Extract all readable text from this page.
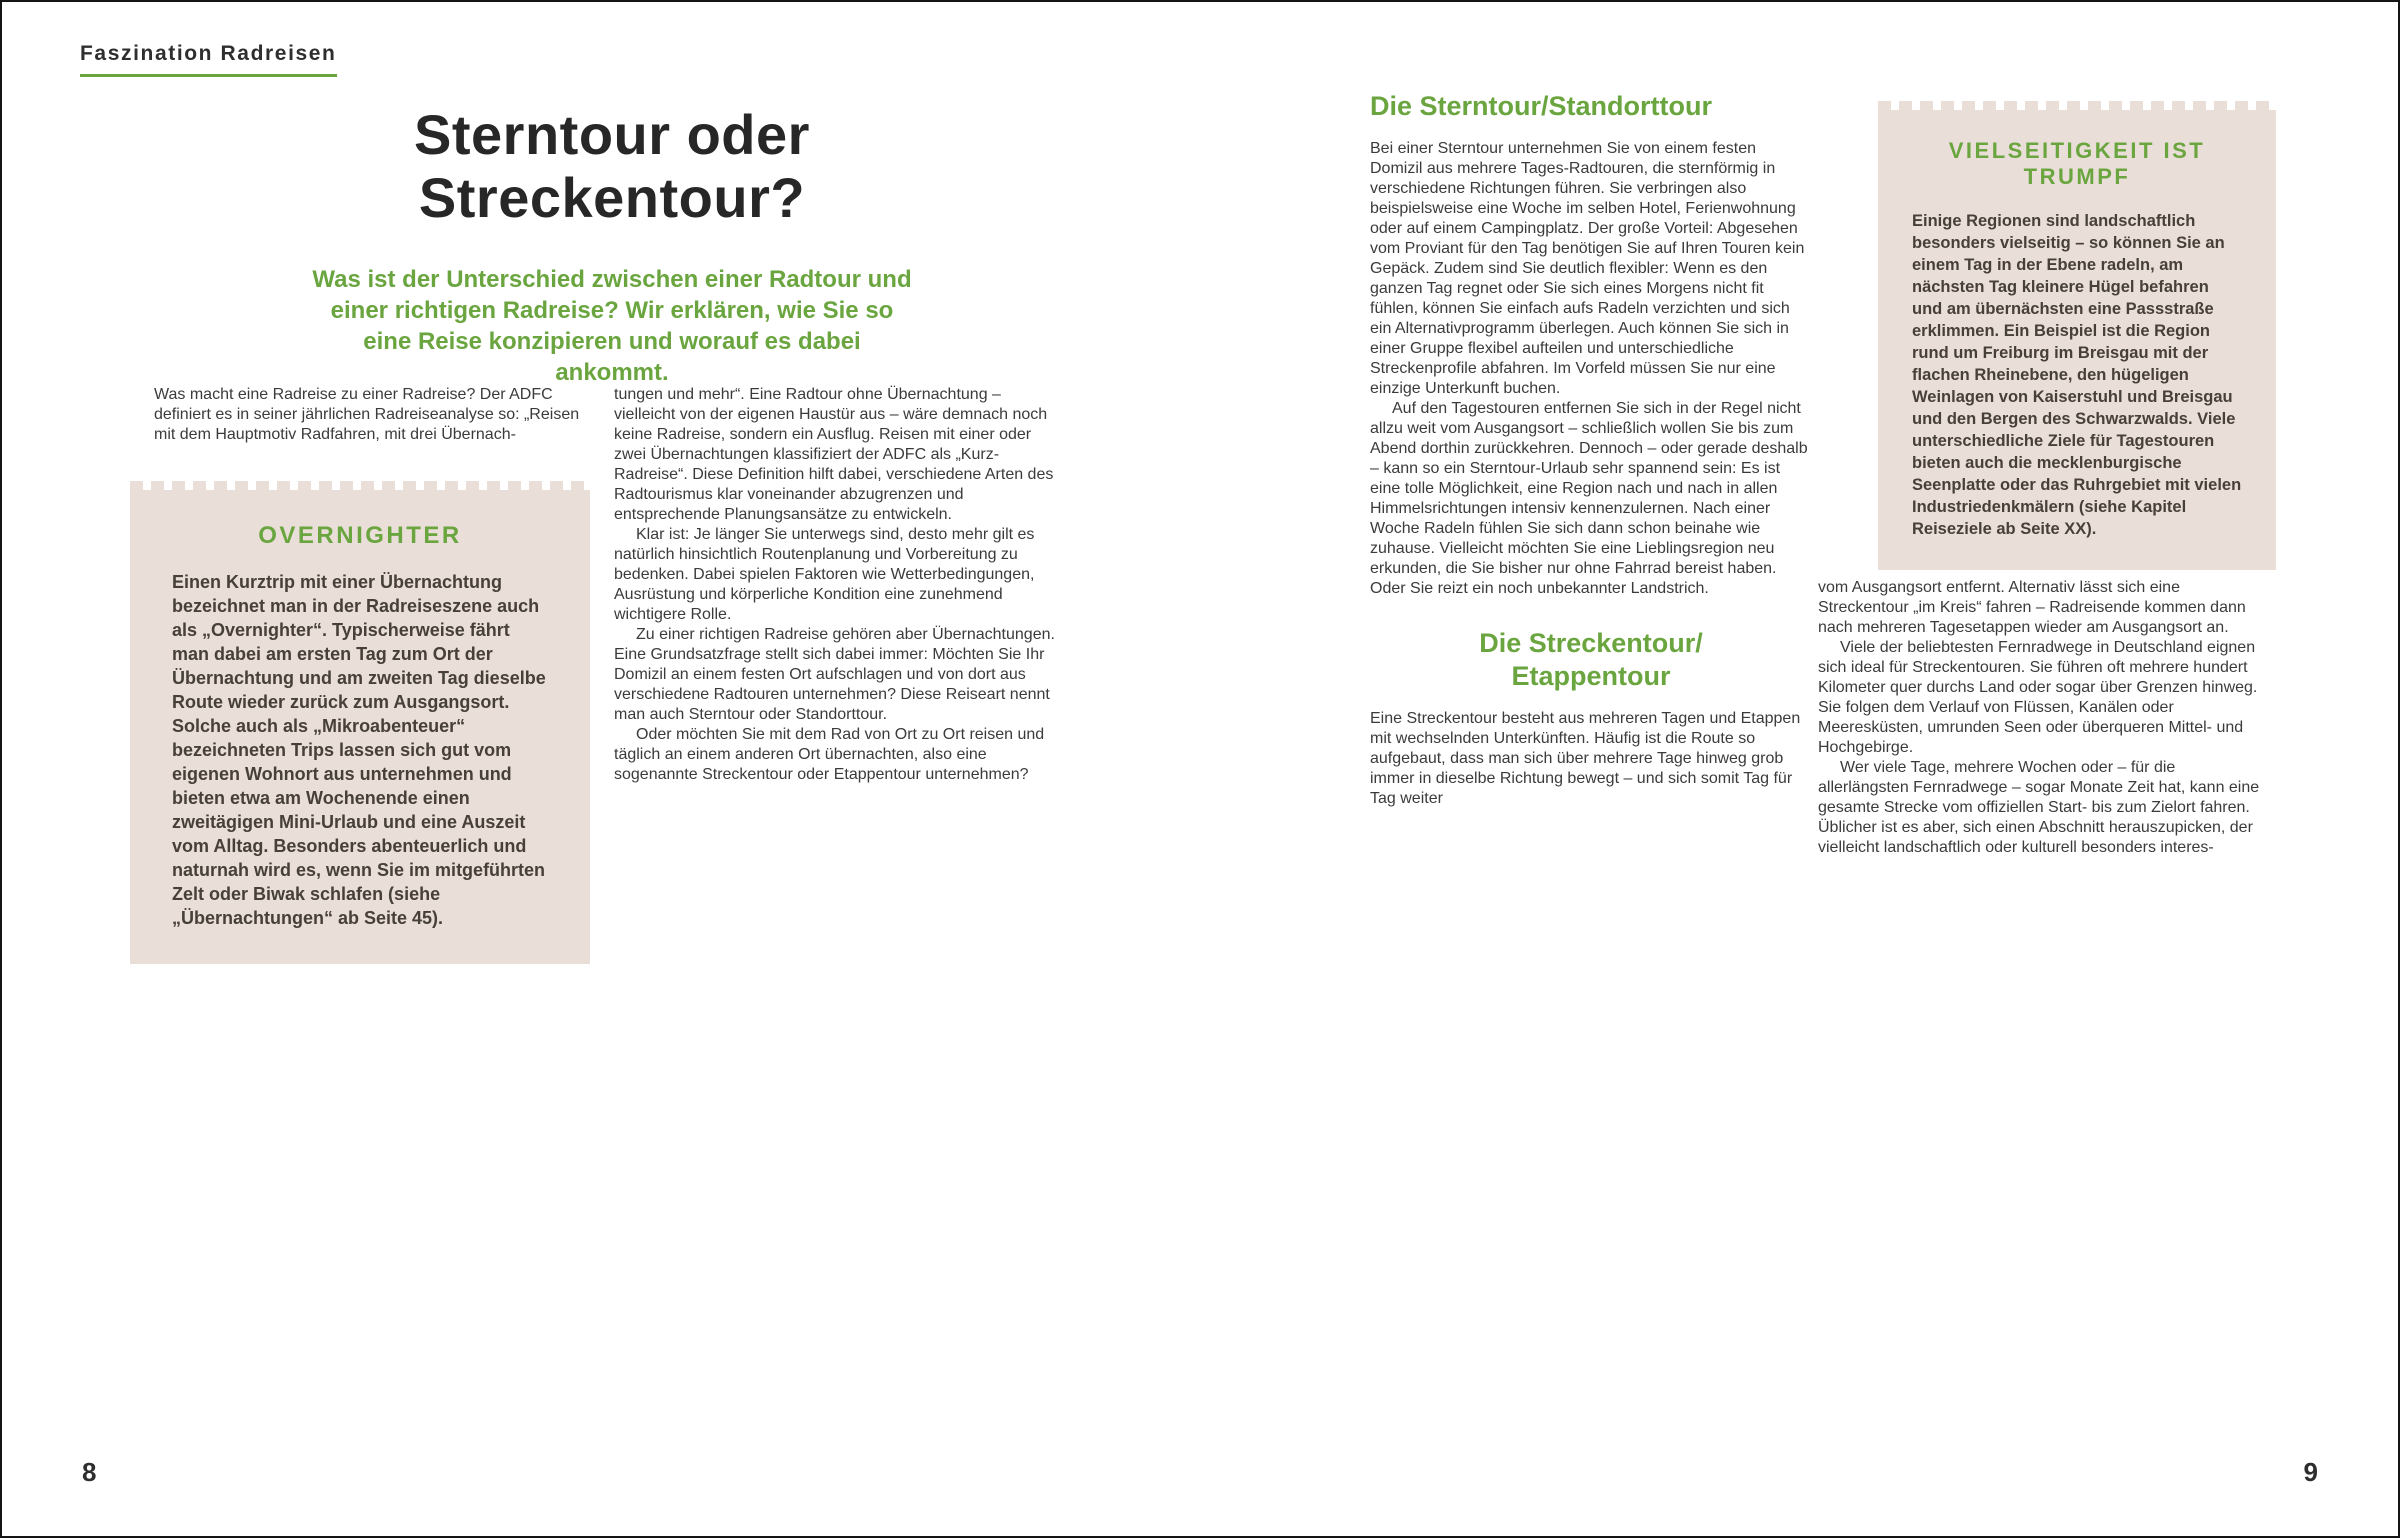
Faszination Radreisen
Sterntour oder
Streckentour?

Was ist der Unterschied zwischen einer Radtour und einer richtigen Radreise? Wir erklären, wie Sie so eine Reise konzipieren und worauf es dabei ankommt.

Was macht eine Radreise zu einer Radreise? Der ADFC definiert es in seiner jährlichen Radreiseanalyse so: „Reisen mit dem Hauptmotiv Radfahren, mit drei Übernach-

OVERNIGHTER

Einen Kurztrip mit einer Übernachtung bezeichnet man in der Radreiseszene auch als „Overnighter“. Typischerweise fährt man dabei am ersten Tag zum Ort der Übernachtung und am zweiten Tag dieselbe Route wieder zurück zum Ausgangsort. Solche auch als „Mikroabenteuer“ bezeichneten Trips lassen sich gut vom eigenen Wohnort aus unternehmen und bieten etwa am Wochenende einen zweitägigen Mini-Urlaub und eine Auszeit vom Alltag. Besonders abenteuerlich und naturnah wird es, wenn Sie im mitgeführten Zelt oder Biwak schlafen (siehe „Übernachtungen“ ab Seite 45).

tungen und mehr“. Eine Radtour ohne Übernachtung – vielleicht von der eigenen Haustür aus – wäre demnach noch keine Radreise, sondern ein Ausflug. Reisen mit einer oder zwei Übernachtungen klassifiziert der ADFC als „Kurz-Radreise“. Diese Definition hilft dabei, verschiedene Arten des Radtourismus klar voneinander abzugrenzen und entsprechende Planungsansätze zu entwickeln.

Klar ist: Je länger Sie unterwegs sind, desto mehr gilt es natürlich hinsichtlich Routenplanung und Vorbereitung zu bedenken. Dabei spielen Faktoren wie Wetterbedingungen, Ausrüstung und körperliche Kondition eine zunehmend wichtigere Rolle.

Zu einer richtigen Radreise gehören aber Übernachtungen. Eine Grundsatzfrage stellt sich dabei immer: Möchten Sie Ihr Domizil an einem festen Ort aufschlagen und von dort aus verschiedene Radtouren unternehmen? Diese Reiseart nennt man auch Sterntour oder Standorttour.

Oder möchten Sie mit dem Rad von Ort zu Ort reisen und täglich an einem anderen Ort übernachten, also eine sogenannte Streckentour oder Etappentour unternehmen?

Die Sterntour/Standorttour

Bei einer Sterntour unternehmen Sie von einem festen Domizil aus mehrere Tages-Radtouren, die sternförmig in verschiedene Richtungen führen. Sie verbringen also beispielsweise eine Woche im selben Hotel, Ferienwohnung oder auf einem Campingplatz. Der große Vorteil: Abgesehen vom Proviant für den Tag benötigen Sie auf Ihren Touren kein Gepäck. Zudem sind Sie deutlich flexibler: Wenn es den ganzen Tag regnet oder Sie sich eines Morgens nicht fit fühlen, können Sie einfach aufs Radeln verzichten und sich ein Alternativprogramm überlegen. Auch können Sie sich in einer Gruppe flexibel aufteilen und unterschiedliche Streckenprofile abfahren. Im Vorfeld müssen Sie nur eine einzige Unterkunft buchen.

Auf den Tagestouren entfernen Sie sich in der Regel nicht allzu weit vom Ausgangsort – schließlich wollen Sie bis zum Abend dorthin zurückkehren. Dennoch – oder gerade deshalb – kann so ein Sterntour-Urlaub sehr spannend sein: Es ist eine tolle Möglichkeit, eine Region nach und nach in allen Himmelsrichtungen intensiv kennenzulernen. Nach einer Woche Radeln fühlen Sie sich dann schon beinahe wie zuhause. Vielleicht möchten Sie eine Lieblingsregion neu erkunden, die Sie bisher nur ohne Fahrrad bereist haben. Oder Sie reizt ein noch unbekannter Landstrich.

Die Streckentour/
Etappentour

Eine Streckentour besteht aus mehreren Tagen und Etappen mit wechselnden Unterkünften. Häufig ist die Route so aufgebaut, dass man sich über mehrere Tage hinweg grob immer in dieselbe Richtung bewegt – und sich somit Tag für Tag weiter

VIELSEITIGKEIT IST TRUMPF

Einige Regionen sind landschaftlich besonders vielseitig – so können Sie an einem Tag in der Ebene radeln, am nächsten Tag kleinere Hügel befahren und am übernächsten eine Passstraße erklimmen. Ein Beispiel ist die Region rund um Freiburg im Breisgau mit der flachen Rheinebene, den hügeligen Weinlagen von Kaiserstuhl und Breisgau und den Bergen des Schwarzwalds. Viele unterschiedliche Ziele für Tagestouren bieten auch die mecklenburgische Seenplatte oder das Ruhrgebiet mit vielen Industriedenkmälern (siehe Kapitel Reiseziele ab Seite XX).

vom Ausgangsort entfernt. Alternativ lässt sich eine Streckentour „im Kreis“ fahren – Radreisende kommen dann nach mehreren Tagesetappen wieder am Ausgangsort an.

Viele der beliebtesten Fernradwege in Deutschland eignen sich ideal für Streckentouren. Sie führen oft mehrere hundert Kilometer quer durchs Land oder sogar über Grenzen hinweg. Sie folgen dem Verlauf von Flüssen, Kanälen oder Meeresküsten, umrunden Seen oder überqueren Mittel- und Hochgebirge.

Wer viele Tage, mehrere Wochen oder – für die allerlängsten Fernradwege – sogar Monate Zeit hat, kann eine gesamte Strecke vom offiziellen Start- bis zum Zielort fahren. Üblicher ist es aber, sich einen Abschnitt herauszupicken, der vielleicht landschaftlich oder kulturell besonders interes-

8	9
